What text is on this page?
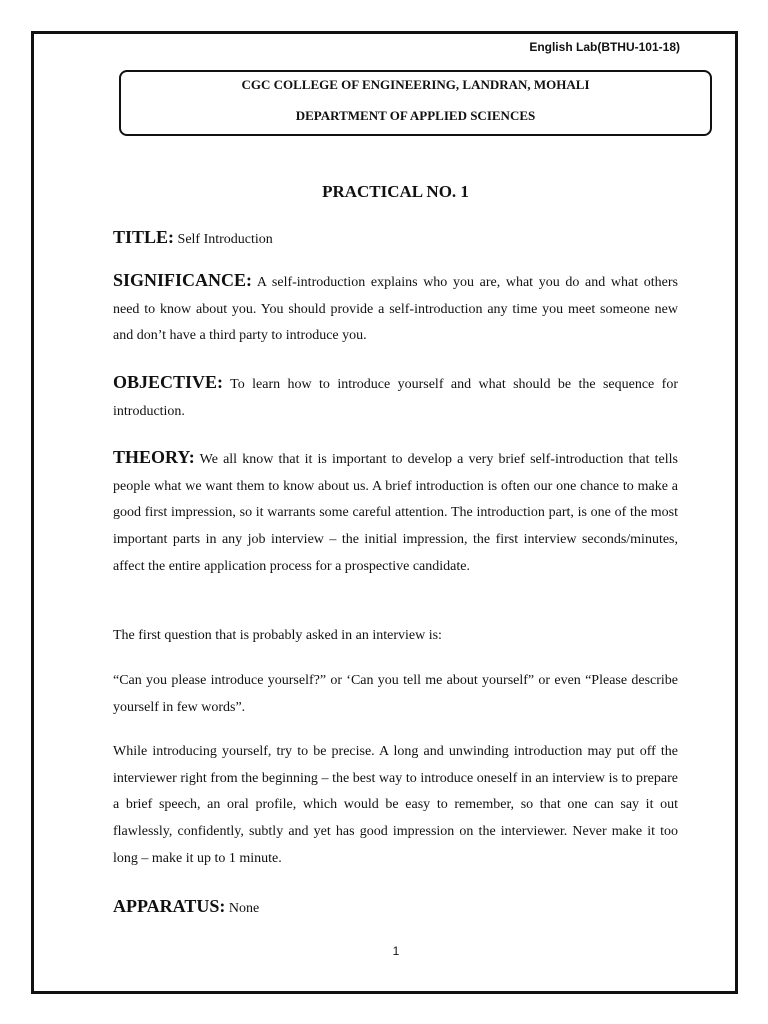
English Lab(BTHU-101-18)
CGC COLLEGE OF ENGINEERING, LANDRAN, MOHALI
DEPARTMENT OF APPLIED SCIENCES
PRACTICAL NO. 1

TITLE: Self Introduction

SIGNIFICANCE: A self-introduction explains who you are, what you do and what others need to know about you. You should provide a self-introduction any time you meet someone new and don’t have a third party to introduce you.

OBJECTIVE: To learn how to introduce yourself and what should be the sequence for introduction.

THEORY: We all know that it is important to develop a very brief self-introduction that tells people what we want them to know about us. A brief introduction is often our one chance to make a good first impression, so it warrants some careful attention. The introduction part, is one of the most important parts in any job interview – the initial impression, the first interview seconds/minutes, affect the entire application process for a prospective candidate.

The first question that is probably asked in an interview is:

“Can you please introduce yourself?” or ‘Can you tell me about yourself” or even “Please describe yourself in few words”.

While introducing yourself, try to be precise. A long and unwinding introduction may put off the interviewer right from the beginning – the best way to introduce oneself in an interview is to prepare a brief speech, an oral profile, which would be easy to remember, so that one can say it out flawlessly, confidently, subtly and yet has good impression on the interviewer. Never make it too long – make it up to 1 minute.

APPARATUS: None

1
